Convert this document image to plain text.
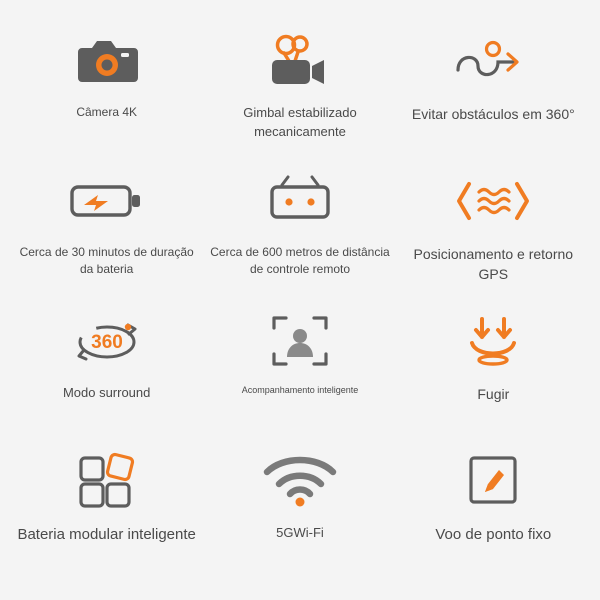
Câmera 4K	Gimbal estabilizado mecanicamente
Evitar obstáculos em 360°
Cerca de 30 minutos de duração da bateria
Cerca de 600 metros de distância de controle remoto
Posicionamento e retorno GPS
360
Modo surround	Acompanhamento inteligente	Fugir
Bateria modular inteligente	5GWi-Fi	Voo de ponto fixo
